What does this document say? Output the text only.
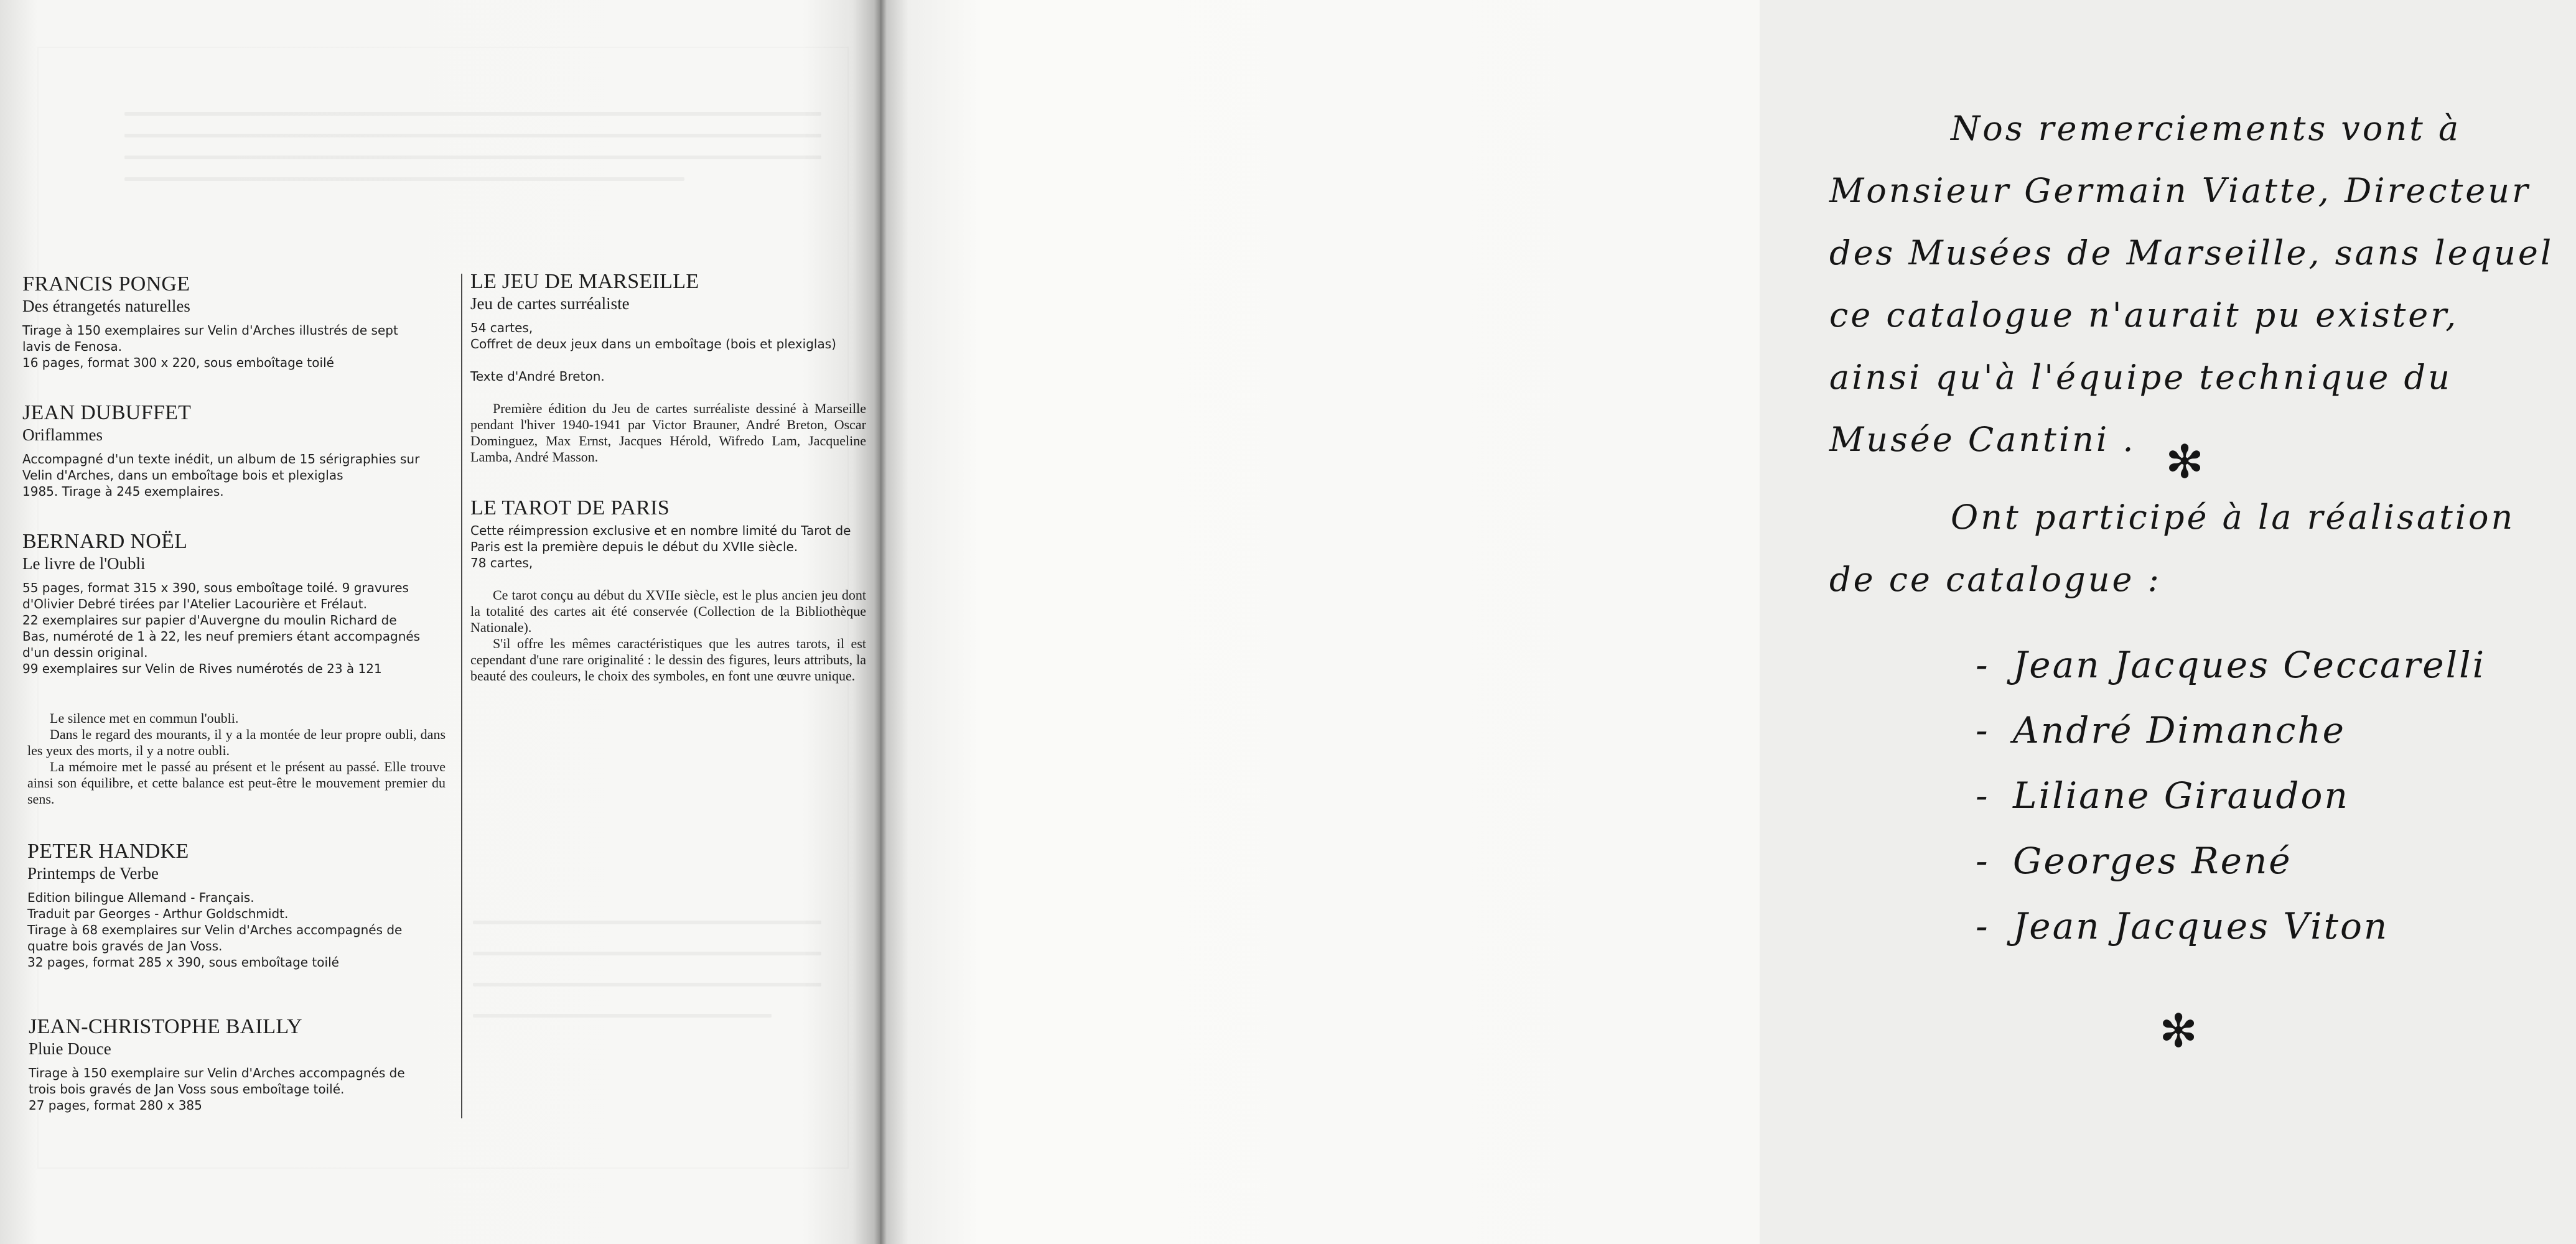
FRANCIS PONGE
Des étrangetés naturelles
Tirage à 150 exemplaires sur Velin d'Arches illustrés de sept
lavis de Fenosa.
16 pages, format 300 x 220, sous emboîtage toilé
JEAN DUBUFFET
Oriflammes
Accompagné d'un texte inédit, un album de 15 sérigraphies sur
Velin d'Arches, dans un emboîtage bois et plexiglas
1985. Tirage à 245 exemplaires.
BERNARD NOËL
Le livre de l'Oubli
55 pages, format 315 x 390, sous emboîtage toilé. 9 gravures
d'Olivier Debré tirées par l'Atelier Lacourière et Frélaut.
22 exemplaires sur papier d'Auvergne du moulin Richard de
Bas, numéroté de 1 à 22, les neuf premiers étant accompagnés
d'un dessin original.
99 exemplaires sur Velin de Rives numérotés de 23 à 121

Le silence met en commun l'oubli.

Dans le regard des mourants, il y a la montée de leur propre oubli, dans les yeux des morts, il y a notre oubli.

La mémoire met le passé au présent et le présent au passé. Elle trouve ainsi son équilibre, et cette balance est peut-être le mouvement premier du sens.

PETER HANDKE
Printemps de Verbe
Edition bilingue Allemand - Français.
Traduit par Georges - Arthur Goldschmidt.
Tirage à 68 exemplaires sur Velin d'Arches accompagnés de
quatre bois gravés de Jan Voss.
32 pages, format 285 x 390, sous emboîtage toilé
JEAN-CHRISTOPHE BAILLY
Pluie Douce
Tirage à 150 exemplaire sur Velin d'Arches accompagnés de
trois bois gravés de Jan Voss sous emboîtage toilé.
27 pages, format 280 x 385
LE JEU DE MARSEILLE
Jeu de cartes surréaliste
54 cartes,
Coffret de deux jeux dans un emboîtage (bois et plexiglas)
Texte d'André Breton.

Première édition du Jeu de cartes surréaliste dessiné à Marseille pendant l'hiver 1940-1941 par Victor Brauner, André Breton, Oscar Dominguez, Max Ernst, Jacques Hérold, Wifredo Lam, Jacqueline Lamba, André Masson.

LE TAROT DE PARIS
Cette réimpression exclusive et en nombre limité du Tarot de
Paris est la première depuis le début du XVIIe siècle.
78 cartes,

Ce tarot conçu au début du XVIIe siècle, est le plus ancien jeu dont la totalité des cartes ait été conservée (Collection de la Bibliothèque Nationale).

S'il offre les mêmes caractéristiques que les autres tarots, il est cependant d'une rare originalité : le dessin des figures, leurs attributs, la beauté des couleurs, le choix des symboles, en font une œuvre unique.

Nos remerciements vont à
Monsieur Germain Viatte, Directeur
des Musées de Marseille, sans lequel
ce catalogue n'aurait pu exister,
ainsi qu'à l'équipe technique du
Musée Cantini . ✻
Ont participé à la réalisation
de ce catalogue :
- Jean Jacques Ceccarelli
- André Dimanche
- Liliane Giraudon
- Georges René
- Jean Jacques Viton
✻
